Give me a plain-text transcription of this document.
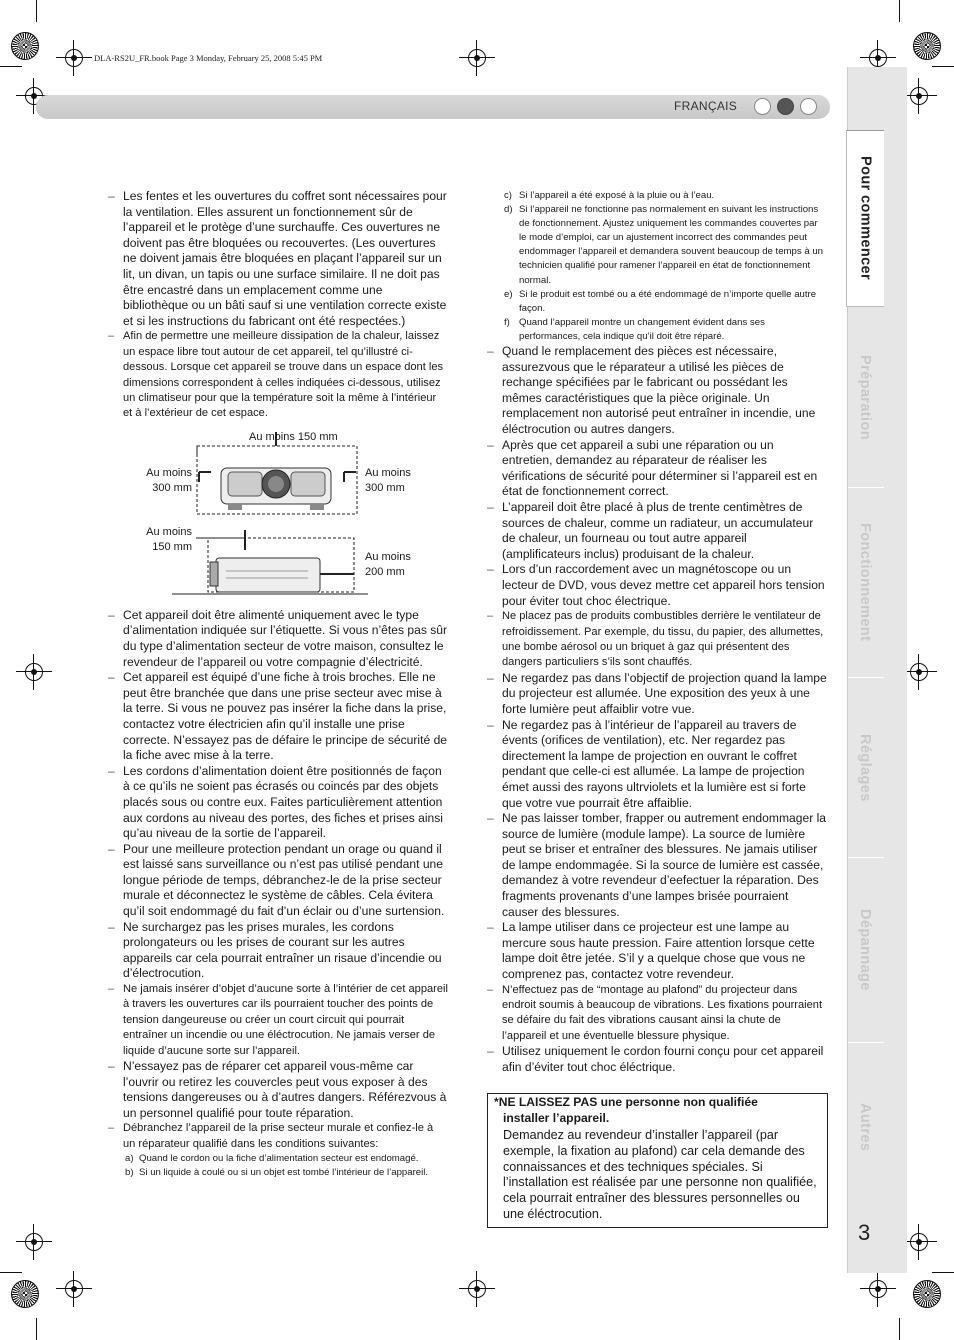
DLA-RS2U_FR.book Page 3 Monday, February 25, 2008 5:45 PM
FRANÇAIS
Pour commencer
Préparation
Fonctionnement
Réglages
Dépannage
Autres
3
– Les fentes et les ouvertures du coffret sont nécessaires pour la ventilation. Elles assurent un fonctionnement sûr de l’appareil et le protège d’une surchauffe. Ces ouvertures ne doivent pas être bloquées ou recouvertes. (Les ouvertures ne doivent jamais être bloquées en plaçant l’appareil sur un lit, un divan, un tapis ou une surface similaire. Il ne doit pas être encastré dans un emplacement comme une bibliothèque ou un bâti sauf si une ventilation correcte existe et si les instructions du fabricant ont été respectées.)
– Afin de permettre une meilleure dissipation de la chaleur, laissez un espace libre tout autour de cet appareil, tel qu’illustré ci-dessous. Lorsque cet appareil se trouve dans un espace dont les dimensions correspondent à celles indiquées ci-dessous, utilisez un climatiseur pour que la température soit la même à l’intérieur et à l’extérieur de cet espace.
Au moins 150 mm
Au moins 300 mm
Au moins 300 mm
Au moins 150 mm
Au moins 200 mm
– Cet appareil doit être alimenté uniquement avec le type d’alimentation indiquée sur l’étiquette. Si vous n’êtes pas sûr du type d’alimentation secteur de votre maison, consultez le revendeur de l’appareil ou votre compagnie d’électricité.
– Cet appareil est équipé d’une fiche à trois broches. Elle ne peut être branchée que dans une prise secteur avec mise à la terre. Si vous ne pouvez pas insérer la fiche dans la prise, contactez votre électricien afin qu’il installe une prise correcte. N’essayez pas de défaire le principe de sécurité de la fiche avec mise à la terre.
– Les cordons d’alimentation doient être positionnés de façon à ce qu’ils ne soient pas écrasés ou coincés par des objets placés sous ou contre eux. Faites particulièrement attention aux cordons au niveau des portes, des fiches et prises ainsi qu’au niveau de la sortie de l’appareil.
– Pour une meilleure protection pendant un orage ou quand il est laissé sans surveillance ou n’est pas utilisé pendant une longue période de temps, débranchez-le de la prise secteur murale et déconnectez le système de câbles. Cela évitera qu’il soit endommagé du fait d’un éclair ou d’une surtension.
– Ne surchargez pas les prises murales, les cordons prolongateurs ou les prises de courant sur les autres appareils car cela pourrait entraîner un risaue d’incendie ou d’électrocution.
– Ne jamais insérer d’objet d’aucune sorte à l’intérier de cet appareil à travers les ouvertures car ils pourraient toucher des points de tension dangeureuse ou créer un court circuit qui pourrait entraîner un incendie ou une éléctrocution. Ne jamais verser de liquide d’aucune sorte sur l’appareil.
– N’essayez pas de réparer cet appareil vous-même car l’ouvrir ou retirez les couvercles peut vous exposer à des tensions dangereuses ou à d’autres dangers. Référezvous à un personnel qualifié pour toute réparation.
– Débranchez l’appareil de la prise secteur murale et confiez-le à un réparateur qualifié dans les conditions suivantes:
a) Quand le cordon ou la fiche d’alimentation secteur est endomagé.
b) Si un liquide à coulé ou si un objet est tombé l’intérieur de l’appareil.
c) Si l’appareil a été exposé à la pluie ou à l’eau.
d) Si l’appareil ne fonctionne pas normalement en suivant les instructions de fonctionnement. Ajustez uniquement les commandes couvertes par le mode d’emploi, car un ajustement incorrect des commandes peut endommager l’appareil et demandera souvent beaucoup de temps à un technicien qualifié pour ramener l’appareil en état de fonctionnement normal.
e) Si le produit est tombé ou a été endommagé de n’importe quelle autre façon.
f) Quand l’appareil montre un changement évident dans ses performances, cela indique qu’il doit être réparé.
– Quand le remplacement des pièces est nécessaire, assurezvous que le réparateur a utilisé les pièces de rechange spécifiées par le fabricant ou possédant les mêmes caractéristiques que la pièce originale. Un remplacement non autorisé peut entraîner in incendie, une éléctrocution ou autres dangers.
– Après que cet appareil a subi une réparation ou un entretien, demandez au réparateur de réaliser les vérifications de sécurité pour déterminer si l’appareil est en état de fonctionnement correct.
– L’appareil doit être placé à plus de trente centimètres de sources de chaleur, comme un radiateur, un accumulateur de chaleur, un fourneau ou tout autre appareil (amplificateurs inclus) produisant de la chaleur.
– Lors d’un raccordement avec un magnétoscope ou un lecteur de DVD, vous devez mettre cet appareil hors tension pour éviter tout choc électrique.
– Ne placez pas de produits combustibles derrière le ventilateur de refroidissement. Par exemple, du tissu, du papier, des allumettes, une bombe aérosol ou un briquet à gaz qui présentent des dangers particuliers s’ils sont chauffés.
– Ne regardez pas dans l’objectif de projection quand la lampe du projecteur est allumée. Une exposition des yeux à une forte lumière peut affaiblir votre vue.
– Ne regardez pas à l’intérieur de l’appareil au travers de évents (orifices de ventilation), etc. Ner regardez pas directement la lampe de projection en ouvrant le coffret pendant que celle-ci est allumée. La lampe de projection émet aussi des rayons ultrviolets et la lumière est si forte que votre vue pourrait être affaiblie.
– Ne pas laisser tomber, frapper ou autrement endommager la source de lumière (module lampe). La source de lumière peut se briser et entraîner des blessures. Ne jamais utiliser de lampe endommagée. Si la source de lumière est cassée, demandez à votre revendeur d’eefectuer la réparation. Des fragments provenants d’une lampes brisée pourraient causer des blessures.
– La lampe utiliser dans ce projecteur est une lampe au mercure sous haute pression. Faire attention lorsque cette lampe doit être jetée. S’il y a quelque chose que vous ne comprenez pas, contactez votre revendeur.
– N’effectuez pas de “montage au plafond” du projecteur dans endroit soumis à beaucoup de vibrations. Les fixations pourraient se défaire du fait des vibrations causant ainsi la chute de l’appareil et une éventuelle blessure physique.
– Utilisez uniquement le cordon fourni conçu pour cet appareil afin d’éviter tout choc éléctrique.
*NE LAISSEZ PAS une personne non qualifiée
installer l’appareil.
Demandez au revendeur d’installer l’appareil (par exemple, la fixation au plafond) car cela demande des connaissances et des techniques spéciales. Si l’installation est réalisée par une personne non qualifiée, cela pourrait entraîner des blessures personnelles ou une éléctrocution.
